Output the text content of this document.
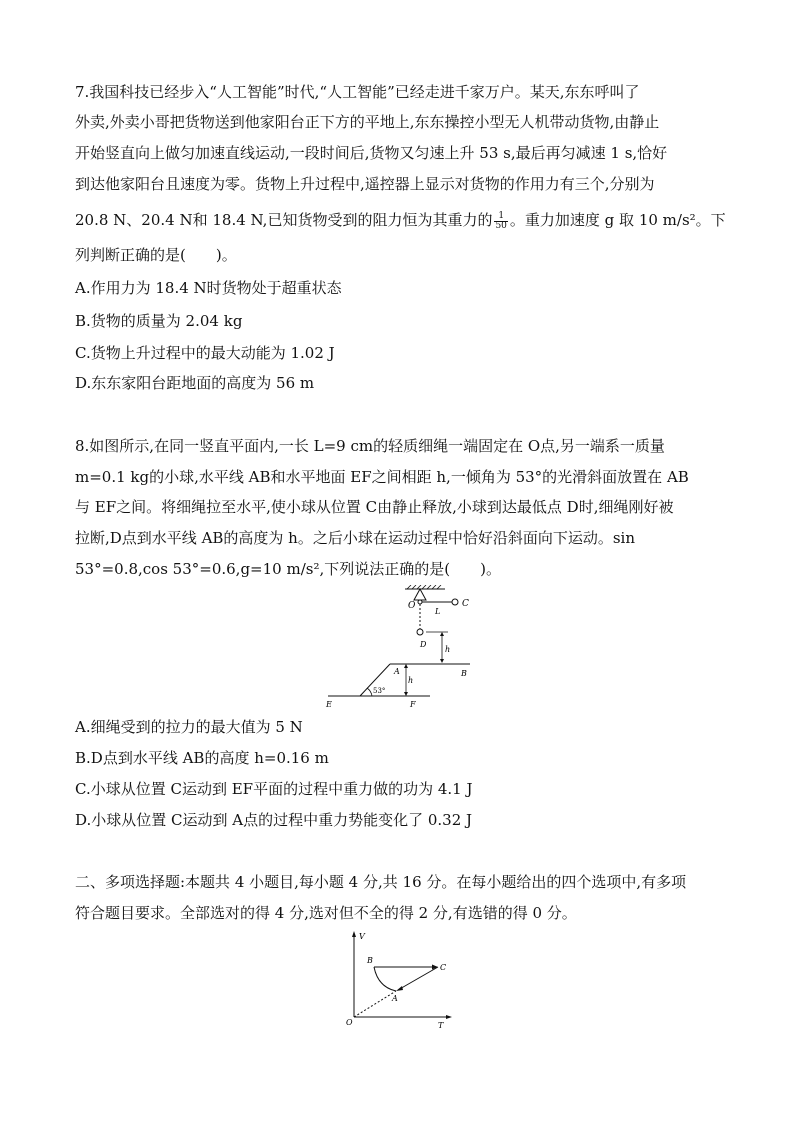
7.我国科技已经步入“人工智能”时代,“人工智能”已经走进千家万户。某天,东东呼叫了
外卖,外卖小哥把货物送到他家阳台正下方的平地上,东东操控小型无人机带动货物,由静止
开始竖直向上做匀加速直线运动,一段时间后,货物又匀速上升 53 s,最后再匀减速 1 s,恰好
到达他家阳台且速度为零。货物上升过程中,遥控器上显示对货物的作用力有三个,分别为
20.8 N、20.4 N和 18.4 N,已知货物受到的阻力恒为其重力的 $\frac{1}{50}$ 。重力加速度 g 取 10 m/s²。下
列判断正确的是(　　)。
A.作用力为 18.4 N时货物处于超重状态
B.货物的质量为 2.04 kg
C.货物上升过程中的最大动能为 1.02 J
D.东东家阳台距地面的高度为 56 m
8.如图所示,在同一竖直平面内,一长 L=9 cm的轻质细绳一端固定在 O点,另一端系一质量
m=0.1 kg的小球,水平线 AB和水平地面 EF之间相距 h,一倾角为 53°的光滑斜面放置在 AB
与 EF之间。将细绳拉至水平,使小球从位置 C由静止释放,小球到达最低点 D时,细绳刚好被
拉断,D点到水平线 AB的高度为 h。之后小球在运动过程中恰好沿斜面向下运动。sin
53°=0.8,cos 53°=0.6,g=10 m/s²,下列说法正确的是(　　)。
O	C
L
D
h
A	B
h
53°
E	F
A.细绳受到的拉力的最大值为 5 N
B.D点到水平线 AB的高度 h=0.16 m
C.小球从位置 C运动到 EF平面的过程中重力做的功为 4.1 J
D.小球从位置 C运动到 A点的过程中重力势能变化了 0.32 J
二、多项选择题:本题共 4 小题目,每小题 4 分,共 16 分。在每小题给出的四个选项中,有多项
符合题目要求。全部选对的得 4 分,选对但不全的得 2 分,有选错的得 0 分。
V
T
O
A
B
C
